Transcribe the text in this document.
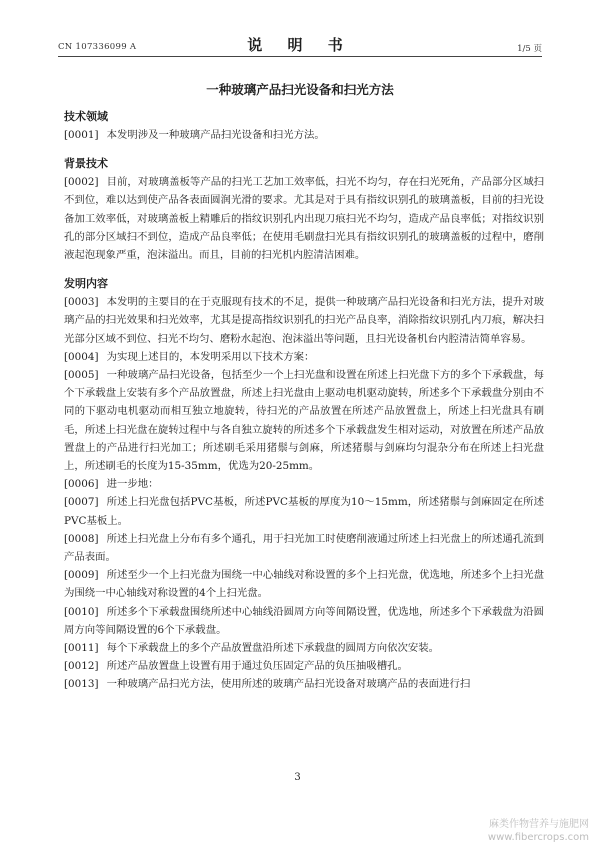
CN 107336099 A	说 明 书	1/5 页
一种玻璃产品扫光设备和扫光方法
技术领域

[0001] 本发明涉及一种玻璃产品扫光设备和扫光方法。

背景技术

[0002] 目前，对玻璃盖板等产品的扫光工艺加工效率低，扫光不均匀，存在扫光死角，产品部分区域扫不到位，难以达到使产品各表面圆润光滑的要求。尤其是对于具有指纹识别孔的玻璃盖板，目前的扫光设备加工效率低，对玻璃盖板上精雕后的指纹识别孔内出现刀痕扫光不均匀，造成产品良率低；对指纹识别孔的部分区域扫不到位，造成产品良率低；在使用毛刷盘扫光具有指纹识别孔的玻璃盖板的过程中，磨削液起泡现象严重，泡沫溢出。而且，目前的扫光机内腔清洁困难。

发明内容

[0003] 本发明的主要目的在于克服现有技术的不足，提供一种玻璃产品扫光设备和扫光方法，提升对玻璃产品的扫光效果和扫光效率，尤其是提高指纹识别孔的扫光产品良率，消除指纹识别孔内刀痕，解决扫光部分区域不到位、扫光不均匀、磨粉水起泡、泡沫溢出等问题，且扫光设备机台内腔清洁简单容易。

[0004] 为实现上述目的，本发明采用以下技术方案：

[0005] 一种玻璃产品扫光设备，包括至少一个上扫光盘和设置在所述上扫光盘下方的多个下承载盘，每个下承载盘上安装有多个产品放置盘，所述上扫光盘由上驱动电机驱动旋转，所述多个下承载盘分别由不同的下驱动电机驱动而相互独立地旋转，待扫光的产品放置在所述产品放置盘上，所述上扫光盘具有刷毛，所述上扫光盘在旋转过程中与各自独立旋转的所述多个下承载盘发生相对运动，对放置在所述产品放置盘上的产品进行扫光加工；所述刷毛采用猪鬃与剑麻，所述猪鬃与剑麻均匀混杂分布在所述上扫光盘上，所述刷毛的长度为15-35mm，优选为20-25mm。

[0006] 进一步地：

[0007] 所述上扫光盘包括PVC基板，所述PVC基板的厚度为10～15mm，所述猪鬃与剑麻固定在所述PVC基板上。

[0008] 所述上扫光盘上分布有多个通孔，用于扫光加工时使磨削液通过所述上扫光盘上的所述通孔流到产品表面。

[0009] 所述至少一个上扫光盘为围绕一中心轴线对称设置的多个上扫光盘，优选地，所述多个上扫光盘为围绕一中心轴线对称设置的4个上扫光盘。

[0010] 所述多个下承载盘围绕所述中心轴线沿圆周方向等间隔设置，优选地，所述多个下承载盘为沿圆周方向等间隔设置的6个下承载盘。

[0011] 每个下承载盘上的多个产品放置盘沿所述下承载盘的圆周方向依次安装。

[0012] 所述产品放置盘上设置有用于通过负压固定产品的负压抽吸槽孔。

[0013] 一种玻璃产品扫光方法，使用所述的玻璃产品扫光设备对玻璃产品的表面进行扫

3
麻类作物营养与施肥网
www.fibercrops.com
